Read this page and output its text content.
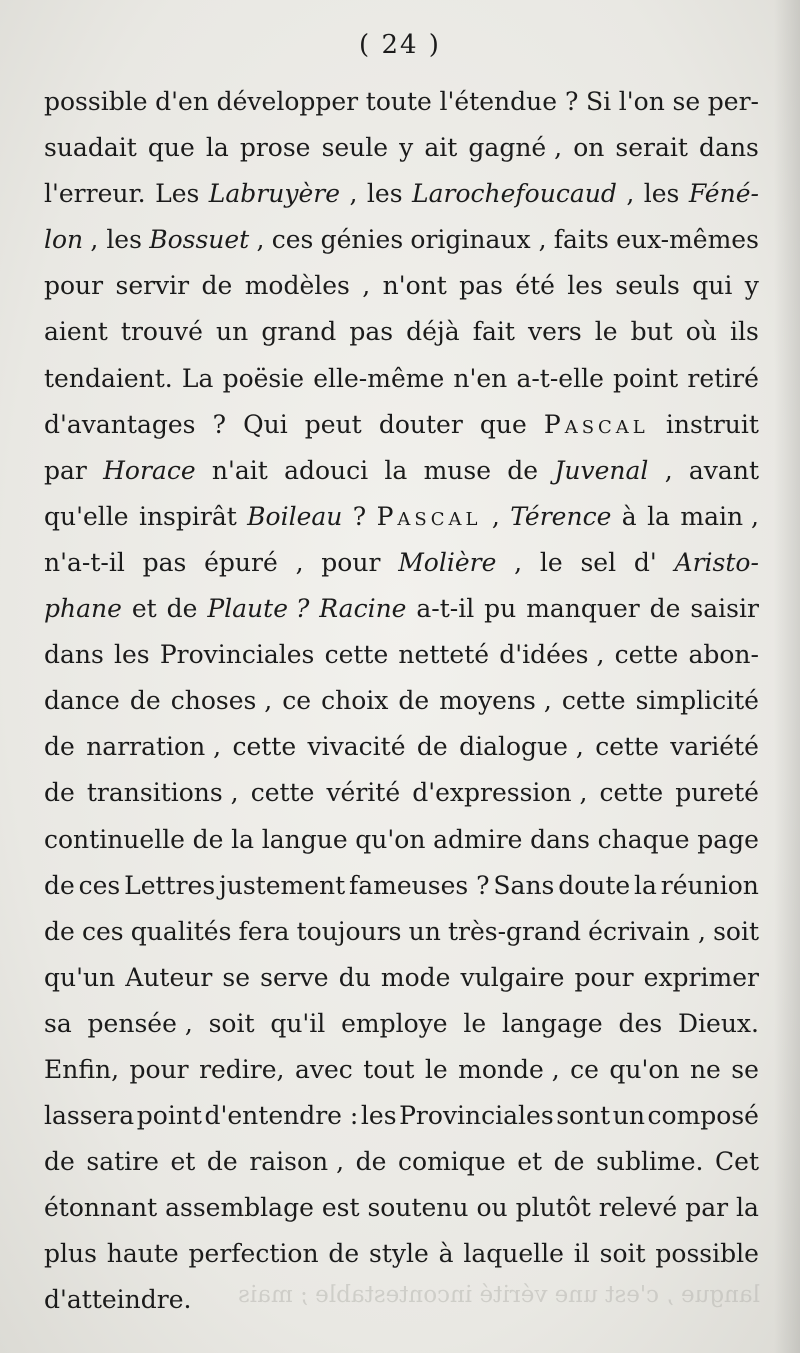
langue , c'est une vérité incontestable ; mais
( 24 )
possible d'en développer toute l'étendue ? Si l'on se per-
suadait que la prose seule y ait gagné , on serait dans
l'erreur. Les Labruyère , les Larochefoucaud , les Féné-
lon , les Bossuet , ces génies originaux , faits eux-mêmes
pour servir de modèles , n'ont pas été les seuls qui y
aient trouvé un grand pas déjà fait vers le but où ils
tendaient. La poësie elle-même n'en a-t-elle point retiré
d'avantages ? Qui peut douter que Pascal instruit
par Horace n'ait adouci la muse de Juvenal , avant
qu'elle inspirât Boileau ? Pascal , Térence à la main ,
n'a-t-il pas épuré , pour Molière , le sel d' Aristo-
phane et de Plaute ? Racine a-t-il pu manquer de saisir
dans les Provinciales cette netteté d'idées , cette abon-
dance de choses , ce choix de moyens , cette simplicité
de narration , cette vivacité de dialogue , cette variété
de transitions , cette vérité d'expression , cette pureté
continuelle de la langue qu'on admire dans chaque page
de ces Lettres justement fameuses ? Sans doute la réunion
de ces qualités fera toujours un très-grand écrivain , soit
qu'un Auteur se serve du mode vulgaire pour exprimer
sa pensée , soit qu'il employe le langage des Dieux.
Enfin, pour redire, avec tout le monde , ce qu'on ne se
lassera point d'entendre : les Provinciales sont un composé
de satire et de raison , de comique et de sublime. Cet
étonnant assemblage est soutenu ou plutôt relevé par la
plus haute perfection de style à laquelle il soit possible
d'atteindre.
